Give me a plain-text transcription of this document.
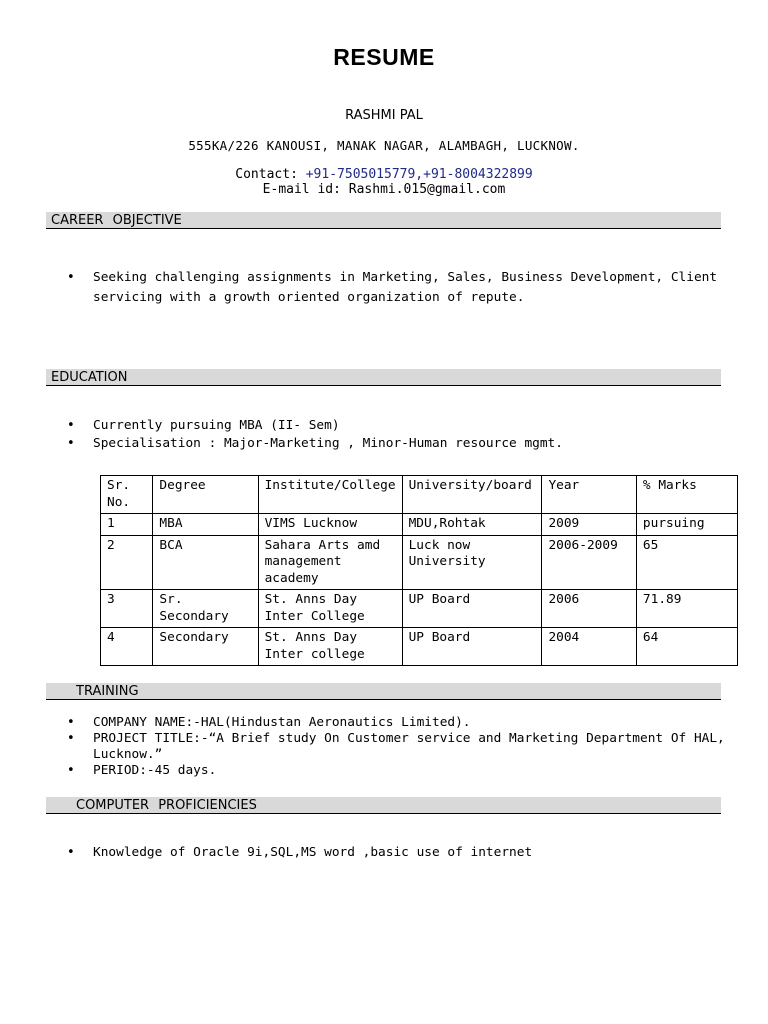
RESUME
RASHMI PAL
555KA/226 KANOUSI, MANAK NAGAR, ALAMBAGH, LUCKNOW.
Contact: +91-7505015779,+91-8004322899
E-mail id: Rashmi.015@gmail.com
CAREER OBJECTIVE
• Seeking challenging assignments in Marketing, Sales, Business Development, Client servicing with a growth oriented organization of repute.
EDUCATION
• Currently pursuing MBA (II- Sem)
• Specialisation : Major-Marketing , Minor-Human resource mgmt.
Sr. No.	Degree	Institute/College	University/board	Year	% Marks
1	MBA	VIMS Lucknow	MDU,Rohtak	2009	pursuing
2	BCA	Sahara Arts amd management academy	Luck now University	2006-2009	65
3	Sr. Secondary	St. Anns Day Inter College	UP Board	2006	71.89
4	Secondary	St. Anns Day Inter college	UP Board	2004	64
TRAINING
• COMPANY NAME:-HAL(Hindustan Aeronautics Limited).
• PROJECT TITLE:-“A Brief study On Customer service and Marketing Department Of HAL, Lucknow.”
• PERIOD:-45 days.
COMPUTER PROFICIENCIES
• Knowledge of Oracle 9i,SQL,MS word ,basic use of internet
